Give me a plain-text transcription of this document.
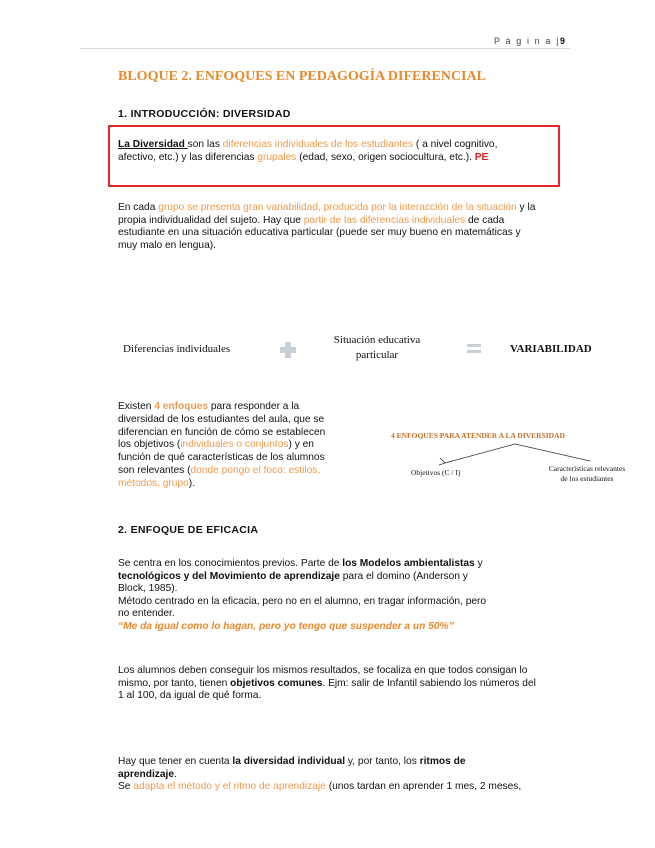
P á g i n a |9
BLOQUE 2. ENFOQUES EN PEDAGOGÍA DIFERENCIAL
1. INTRODUCCIÓN: DIVERSIDAD
La Diversidad son las diferencias individuales de los estudiantes ( a nivel cognitivo,
afectivo, etc.) y las diferencias grupales (edad, sexo, origen sociocultura, etc.). PE
En cada grupo se presenta gran variabilidad, producida por la interacción de la situación y la
propia individualidad del sujeto. Hay que partir de las diferencias individuales de cada
estudiante en una situación educativa particular (puede ser muy bueno en matemáticas y
muy malo en lengua).
Diferencias individuales
Situación educativa
particular	VARIABILIDAD
Existen 4 enfoques para responder a la
diversidad de los estudiantes del aula, que se
diferencian en función de cómo se establecen
los objetivos (individuales o conjuntos) y en
función de qué características de los alumnos
son relevantes (donde pongo el foco: estilos,
métodos, grupo).
4 ENFOQUES PARA ATENDER A LA DIVERSIDAD
Objetivos (C / I)	Características relevantes
de los estudiantes
2. ENFOQUE DE EFICACIA
Se centra en los conocimientos previos. Parte de los Modelos ambientalistas y
tecnológicos y del Movimiento de aprendizaje para el domino (Anderson y
Block, 1985).
Método centrado en la eficacia, pero no en el alumno, en tragar información, pero
no entender.
“Me da igual como lo hagan, pero yo tengo que suspender a un 50%”
Los alumnos deben conseguir los mismos resultados, se focaliza en que todos consigan lo
mismo, por tanto, tienen objetivos comunes. Ejm: salir de Infantil sabiendo los números del
1 al 100, da igual de qué forma.
Hay que tener en cuenta la diversidad individual y, por tanto, los ritmos de
aprendizaje.
Se adapta el método y el ritmo de aprendizaje (unos tardan en aprender 1 mes, 2 meses,
